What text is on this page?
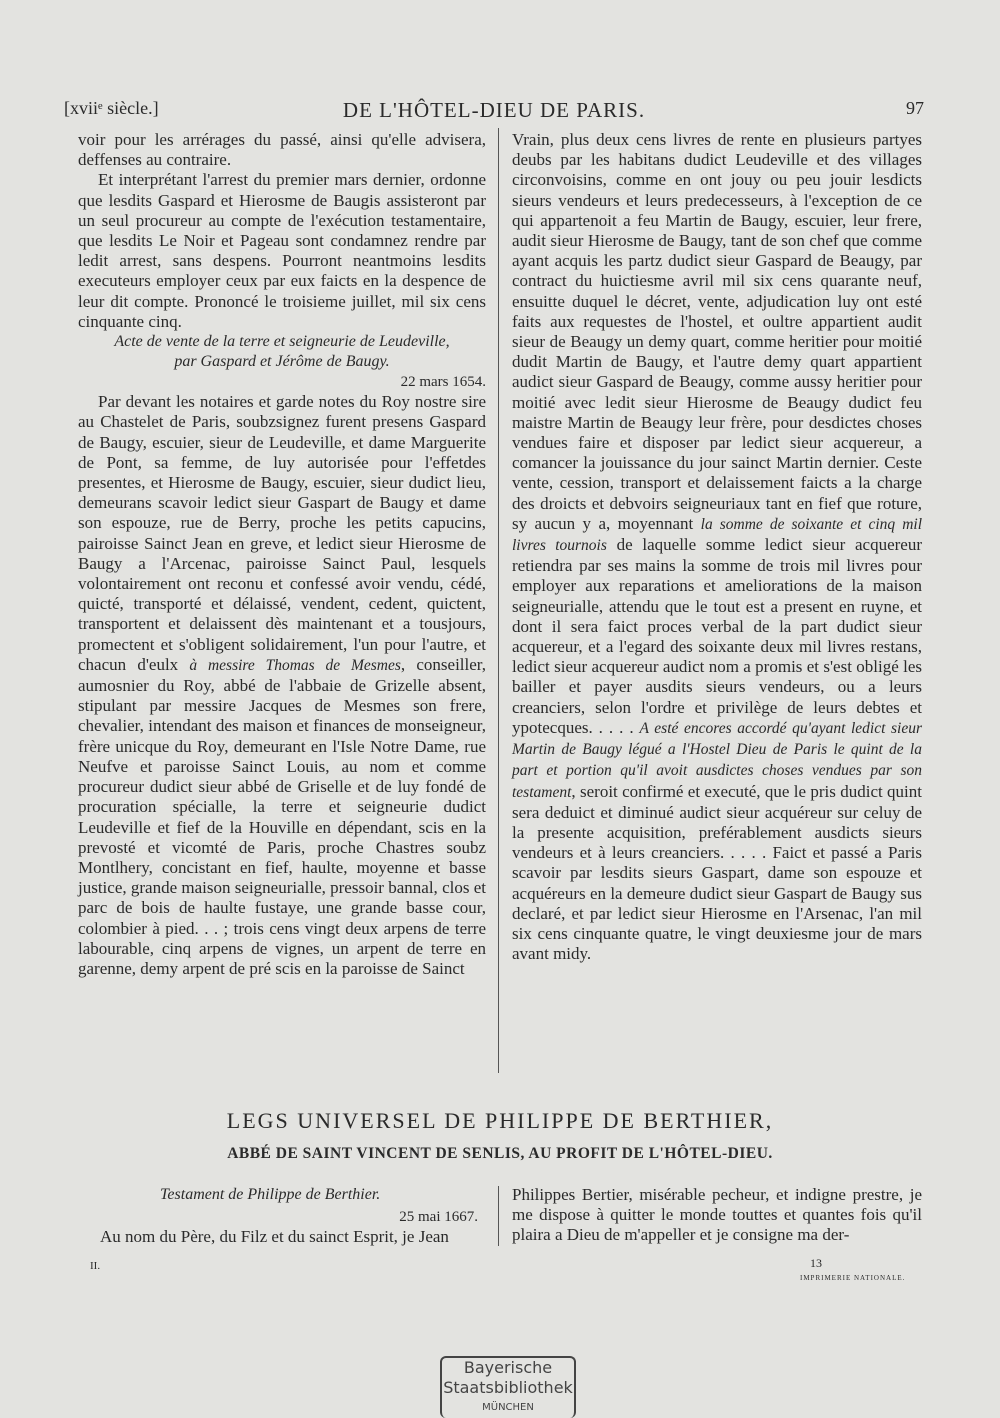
[xviiᵉ siècle.]	DE L'HÔTEL-DIEU DE PARIS.	97

voir pour les arrérages du passé, ainsi qu'elle advisera, deffenses au contraire.

Et interprétant l'arrest du premier mars dernier, ordonne que lesdits Gaspard et Hierosme de Baugis assisteront par un seul procureur au compte de l'exécution testamentaire, que lesdits Le Noir et Pageau sont condamnez rendre par ledit arrest, sans despens. Pourront neantmoins lesdits executeurs employer ceux par eux faicts en la despence de leur dit compte. Prononcé le troisieme juillet, mil six cens cinquante cinq.

Acte de vente de la terre et seigneurie de Leudeville,

par Gaspard et Jérôme de Baugy.

22 mars 1654.

Par devant les notaires et garde notes du Roy nostre sire au Chastelet de Paris, soubzsignez furent presens Gaspard de Baugy, escuier, sieur de Leudeville, et dame Marguerite de Pont, sa femme, de luy autorisée pour l'effetdes presentes, et Hierosme de Baugy, escuier, sieur dudict lieu, demeurans scavoir ledict sieur Gaspart de Baugy et dame son espouze, rue de Berry, proche les petits capucins, pairoisse Sainct Jean en greve, et ledict sieur Hierosme de Baugy a l'Arcenac, pairoisse Sainct Paul, lesquels volontairement ont reconu et confessé avoir vendu, cédé, quicté, transporté et délaissé, vendent, cedent, quictent, transportent et delaissent dès maintenant et a tousjours, promectent et s'obligent solidairement, l'un pour l'autre, et chacun d'eulx à messire Thomas de Mesmes, conseiller, aumosnier du Roy, abbé de l'abbaie de Grizelle absent, stipulant par messire Jacques de Mesmes son frere, chevalier, intendant des maison et finances de monseigneur, frère unicque du Roy, demeurant en l'Isle Notre Dame, rue Neufve et paroisse Sainct Louis, au nom et comme procureur dudict sieur abbé de Griselle et de luy fondé de procuration spécialle, la terre et seigneurie dudict Leudeville et fief de la Houville en dépendant, scis en la prevosté et vicomté de Paris, proche Chastres soubz Montlhery, concistant en fief, haulte, moyenne et basse justice, grande maison seigneurialle, pressoir bannal, clos et parc de bois de haulte fustaye, une grande basse cour, colombier à pied. . . ; trois cens vingt deux arpens de terre labourable, cinq arpens de vignes, un arpent de terre en garenne, demy arpent de pré scis en la paroisse de Sainct

Vrain, plus deux cens livres de rente en plusieurs partyes deubs par les habitans dudict Leudeville et des villages circonvoisins, comme en ont jouy ou peu jouir lesdicts sieurs vendeurs et leurs predecesseurs, à l'exception de ce qui appartenoit a feu Martin de Baugy, escuier, leur frere, audit sieur Hierosme de Baugy, tant de son chef que comme ayant acquis les partz dudict sieur Gaspard de Beaugy, par contract du huictiesme avril mil six cens quarante neuf, ensuitte duquel le décret, vente, adjudication luy ont esté faits aux requestes de l'hostel, et oultre appartient audit sieur de Beaugy un demy quart, comme heritier pour moitié dudit Martin de Baugy, et l'autre demy quart appartient audict sieur Gaspard de Beaugy, comme aussy heritier pour moitié avec ledit sieur Hierosme de Beaugy dudict feu maistre Martin de Beaugy leur frère, pour desdictes choses vendues faire et disposer par ledict sieur acquereur, a comancer la jouissance du jour sainct Martin dernier. Ceste vente, cession, transport et delaissement faicts a la charge des droicts et debvoirs seigneuriaux tant en fief que roture, sy aucun y a, moyennant la somme de soixante et cinq mil livres tournois de laquelle somme ledict sieur acquereur retiendra par ses mains la somme de trois mil livres pour employer aux reparations et ameliorations de la maison seigneurialle, attendu que le tout est a present en ruyne, et dont il sera faict proces verbal de la part dudict sieur acquereur, et a l'egard des soixante deux mil livres restans, ledict sieur acquereur audict nom a promis et s'est obligé les bailler et payer ausdits sieurs vendeurs, ou a leurs creanciers, selon l'ordre et privilège de leurs debtes et ypotecques. . . . . A esté encores accordé qu'ayant ledict sieur Martin de Baugy légué a l'Hostel Dieu de Paris le quint de la part et portion qu'il avoit ausdictes choses vendues par son testament, seroit confirmé et executé, que le pris dudict quint sera deduict et diminué audict sieur acquéreur sur celuy de la presente acquisition, preférablement ausdicts sieurs vendeurs et à leurs creanciers. . . . . Faict et passé a Paris scavoir par lesdits sieurs Gaspart, dame son espouze et acquéreurs en la demeure dudict sieur Gaspart de Baugy sus declaré, et par ledict sieur Hierosme en l'Arsenac, l'an mil six cens cinquante quatre, le vingt deuxiesme jour de mars avant midy.

LEGS UNIVERSEL DE PHILIPPE DE BERTHIER,
ABBÉ DE SAINT VINCENT DE SENLIS, AU PROFIT DE L'HÔTEL-DIEU.

Testament de Philippe de Berthier.

25 mai 1667.

Au nom du Père, du Filz et du sainct Esprit, je Jean

Philippes Bertier, misérable pecheur, et indigne prestre, je me dispose à quitter le monde touttes et quantes fois qu'il plaira a Dieu de m'appeller et je consigne ma der-

II.	13
IMPRIMERIE NATIONALE.
Bayerische
Staatsbibliothek
MÜNCHEN
